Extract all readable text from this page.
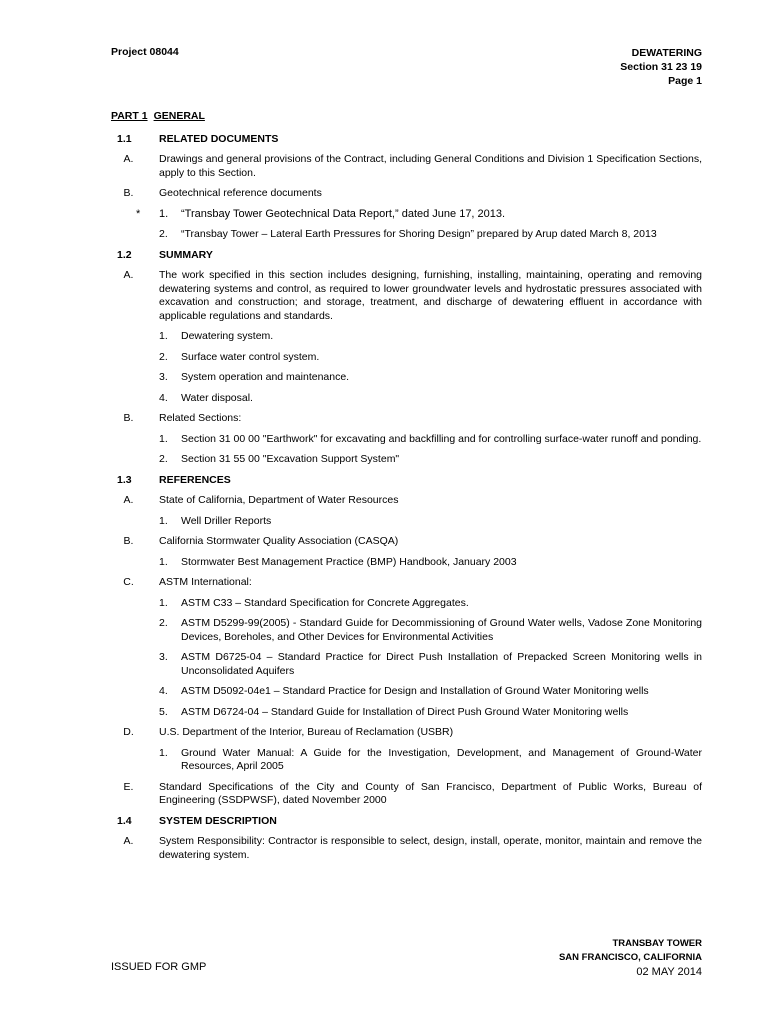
Project 08044	DEWATERING
Section 31 23 19
Page 1
PART 1 GENERAL
1.1	RELATED DOCUMENTS
A.	Drawings and general provisions of the Contract, including General Conditions and Division 1 Specification Sections, apply to this Section.
B.	Geotechnical reference documents
* 1.	“Transbay Tower Geotechnical Data Report,” dated June 17, 2013.
2.	“Transbay Tower – Lateral Earth Pressures for Shoring Design” prepared by Arup dated March 8, 2013
1.2	SUMMARY
A.	The work specified in this section includes designing, furnishing, installing, maintaining, operating and removing dewatering systems and control, as required to lower groundwater levels and hydrostatic pressures associated with excavation and construction; and storage, treatment, and discharge of dewatering effluent in accordance with applicable regulations and standards.
1.	Dewatering system.
2.	Surface water control system.
3.	System operation and maintenance.
4.	Water disposal.
B.	Related Sections:
1.	Section 31 00 00 "Earthwork" for excavating and backfilling and for controlling surface-water runoff and ponding.
2.	Section 31 55 00 "Excavation Support System"
1.3	REFERENCES
A.	State of California, Department of Water Resources
1.	Well Driller Reports
B.	California Stormwater Quality Association (CASQA)
1.	Stormwater Best Management Practice (BMP) Handbook, January 2003
C.	ASTM International:
1.	ASTM C33 – Standard Specification for Concrete Aggregates.
2.	ASTM D5299-99(2005) - Standard Guide for Decommissioning of Ground Water wells, Vadose Zone Monitoring Devices, Boreholes, and Other Devices for Environmental Activities
3.	ASTM D6725-04 – Standard Practice for Direct Push Installation of Prepacked Screen Monitoring wells in Unconsolidated Aquifers
4.	ASTM D5092-04e1 – Standard Practice for Design and Installation of Ground Water Monitoring wells
5.	ASTM D6724-04 – Standard Guide for Installation of Direct Push Ground Water Monitoring wells
D.	U.S. Department of the Interior, Bureau of Reclamation (USBR)
1.	Ground Water Manual: A Guide for the Investigation, Development, and Management of Ground-Water Resources, April 2005
E.	Standard Specifications of the City and County of San Francisco, Department of Public Works, Bureau of Engineering (SSDPWSF), dated November 2000
1.4	SYSTEM DESCRIPTION
A.	System Responsibility: Contractor is responsible to select, design, install, operate, monitor, maintain and remove the dewatering system.
ISSUED FOR GMP
TRANSBAY TOWER
SAN FRANCISCO, CALIFORNIA
02 MAY 2014
